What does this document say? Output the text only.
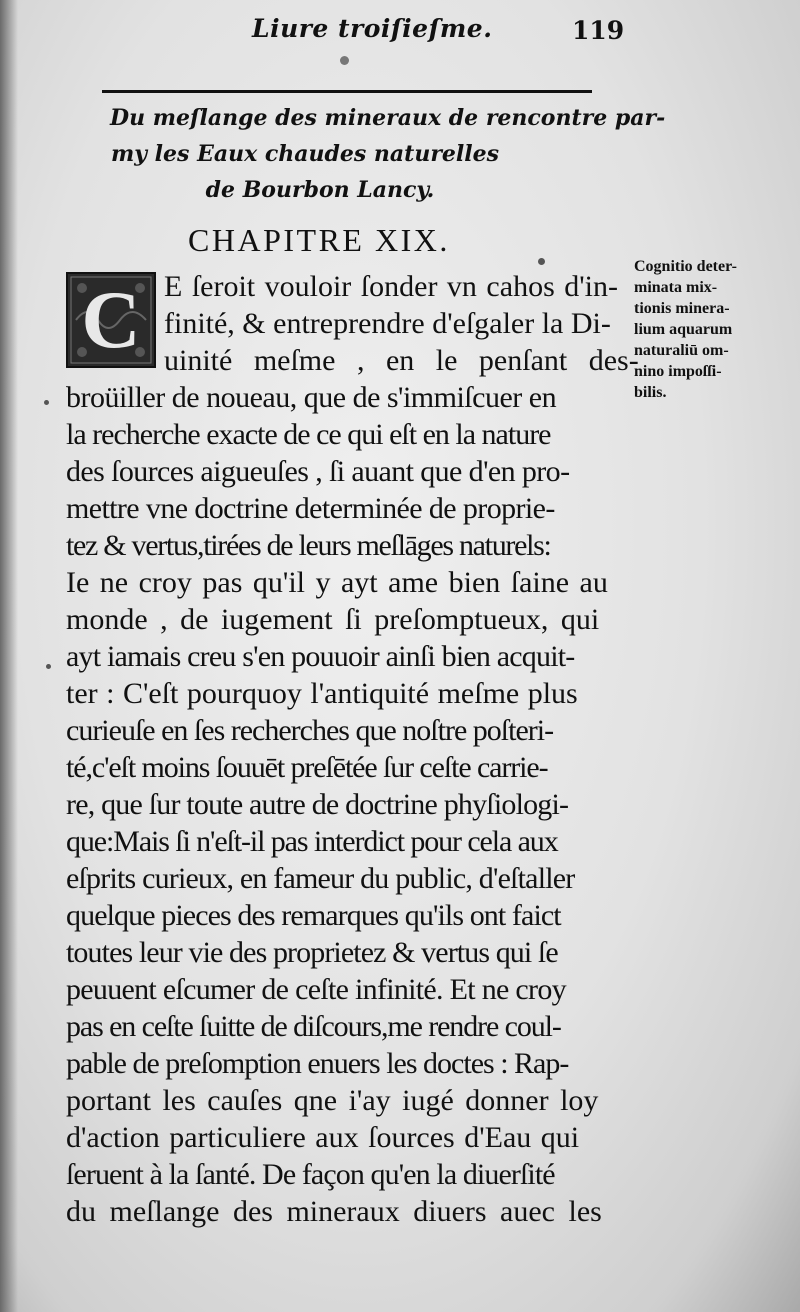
Liure troiſieſme.	119
Du meſlange des mineraux de rencontre par-
my les Eaux chaudes naturelles
de Bourbon Lancy.
CHAPITRE XIX.
C E ſeroit vouloir ſonder vn cahos d'in-
finité, & entreprendre d'eſgaler la Di-
uinité meſme , en le penſant des-
broüiller de noueau, que de s'immiſcuer en
la recherche exacte de ce qui eſt en la nature
des ſources aigueuſes , ſi auant que d'en pro-
mettre vne doctrine determinée de proprie-
tez & vertus,tirées de leurs meſlāges naturels:
Ie ne croy pas qu'il y ayt ame bien ſaine au
monde , de iugement ſi preſomptueux, qui
ayt iamais creu s'en pouuoir ainſi bien acquit-
ter : C'eſt pourquoy l'antiquité meſme plus
curieuſe en ſes recherches que noſtre poſteri-
té,c'eſt moins ſouuēt preſētée ſur ceſte carrie-
re, que ſur toute autre de doctrine phyſiologi-
que:Mais ſi n'eſt-il pas interdict pour cela aux
eſprits curieux, en fameur du public, d'eſtaller
quelque pieces des remarques qu'ils ont faict
toutes leur vie des proprietez & vertus qui ſe
peuuent eſcumer de ceſte infinité. Et ne croy
pas en ceſte ſuitte de diſcours,me rendre coul-
pable de preſomption enuers les doctes : Rap-
portant les cauſes qne i'ay iugé donner loy
d'action particuliere aux ſources d'Eau qui
ſeruent à la ſanté. De façon qu'en la diuerſité
du meſlange des mineraux diuers auec les
Cognitio deter-
minata mix-
tionis minera-
lium aquarum
naturaliū om-
nino impoſſi-
bilis.
